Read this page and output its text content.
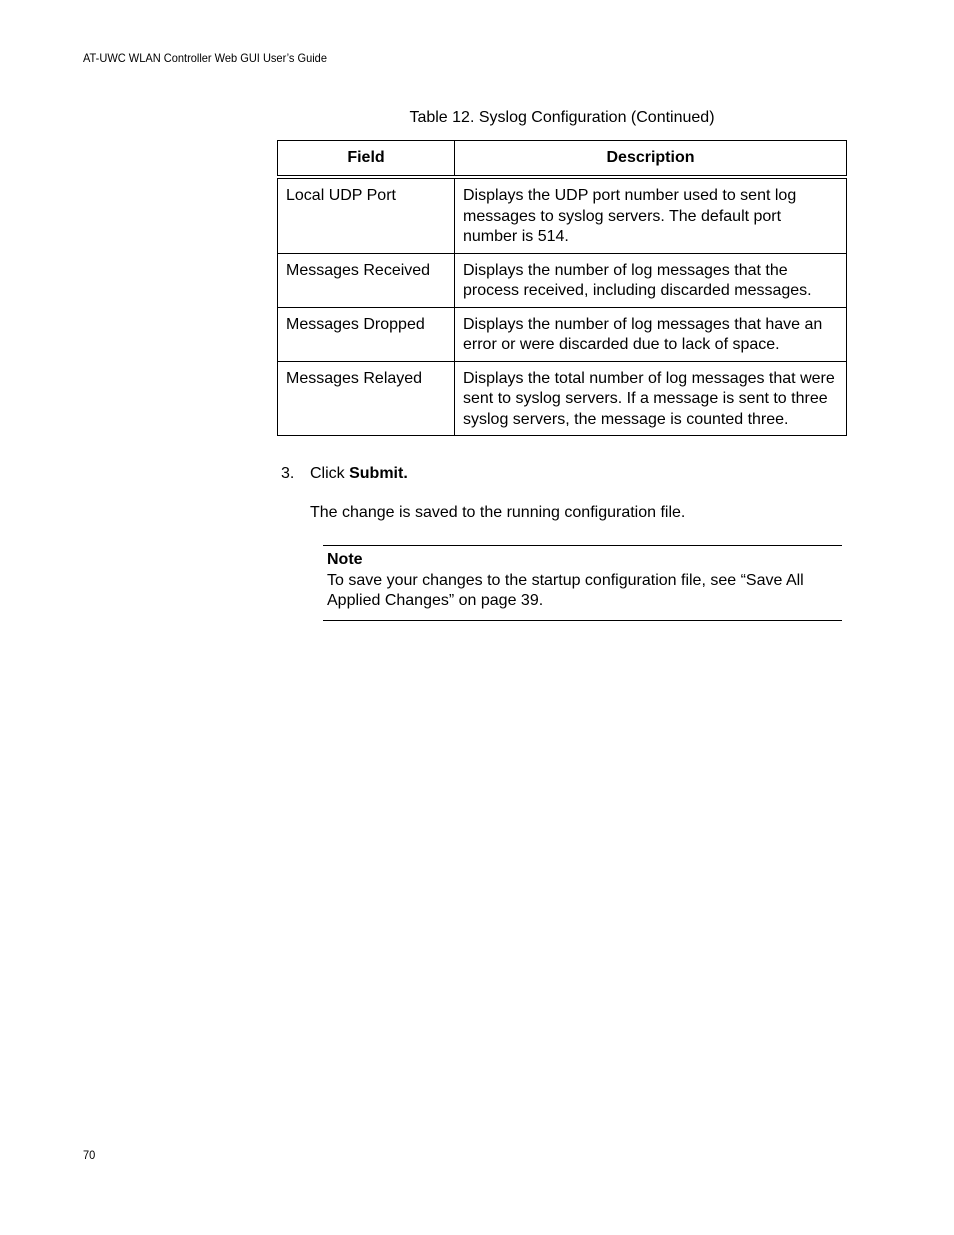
AT-UWC WLAN Controller Web GUI User’s Guide
Table 12. Syslog Configuration (Continued)
Field	Description
Local UDP Port	Displays the UDP port number used to sent log messages to syslog servers. The default port number is 514.
Messages Received	Displays the number of log messages that the process received, including discarded messages.
Messages Dropped	Displays the number of log messages that have an error or were discarded due to lack of space.
Messages Relayed	Displays the total number of log messages that were sent to syslog servers. If a message is sent to three syslog servers, the message is counted three.
3. Click Submit.
The change is saved to the running configuration file.
Note
To save your changes to the startup configuration file, see “Save All Applied Changes” on page 39.
70
